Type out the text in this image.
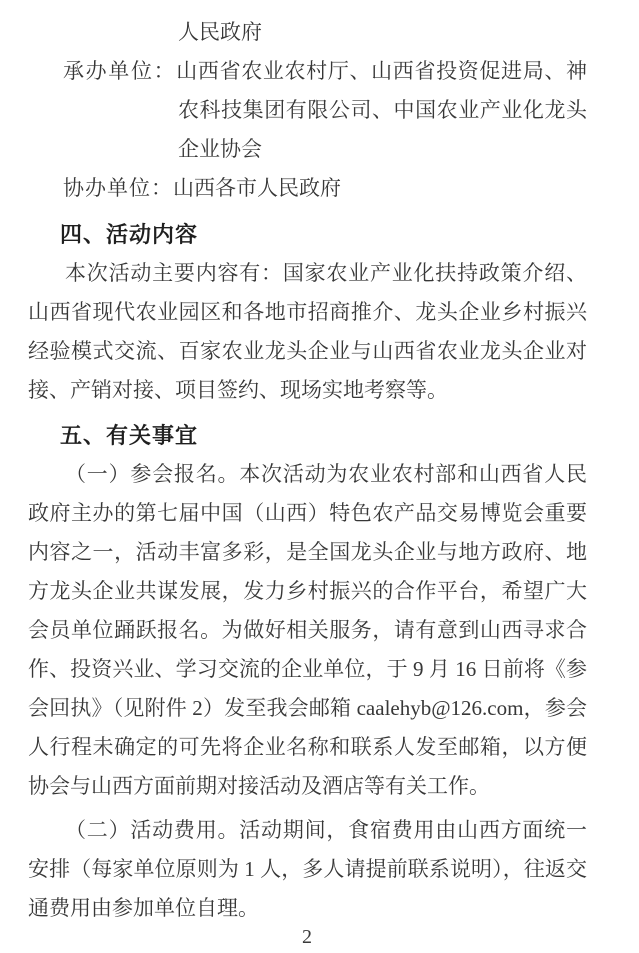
人民政府
承办单位：山西省农业农村厅、山西省投资促进局、神
农科技集团有限公司、中国农业产业化龙头
企业协会
协办单位：山西各市人民政府
四、活动内容
本次活动主要内容有：国家农业产业化扶持政策介绍、
山西省现代农业园区和各地市招商推介、龙头企业乡村振兴
经验模式交流、百家农业龙头企业与山西省农业龙头企业对
接、产销对接、项目签约、现场实地考察等。
五、有关事宜
（一）参会报名。本次活动为农业农村部和山西省人民
政府主办的第七届中国（山西）特色农产品交易博览会重要
内容之一，活动丰富多彩，是全国龙头企业与地方政府、地
方龙头企业共谋发展，发力乡村振兴的合作平台，希望广大
会员单位踊跃报名。为做好相关服务，请有意到山西寻求合
作、投资兴业、学习交流的企业单位，于 9 月 16 日前将《参
会回执》（见附件 2）发至我会邮箱 caalehyb@126.com，参会
人行程未确定的可先将企业名称和联系人发至邮箱，以方便
协会与山西方面前期对接活动及酒店等有关工作。
（二）活动费用。活动期间，食宿费用由山西方面统一
安排（每家单位原则为 1 人，多人请提前联系说明），往返交
通费用由参加单位自理。
2
